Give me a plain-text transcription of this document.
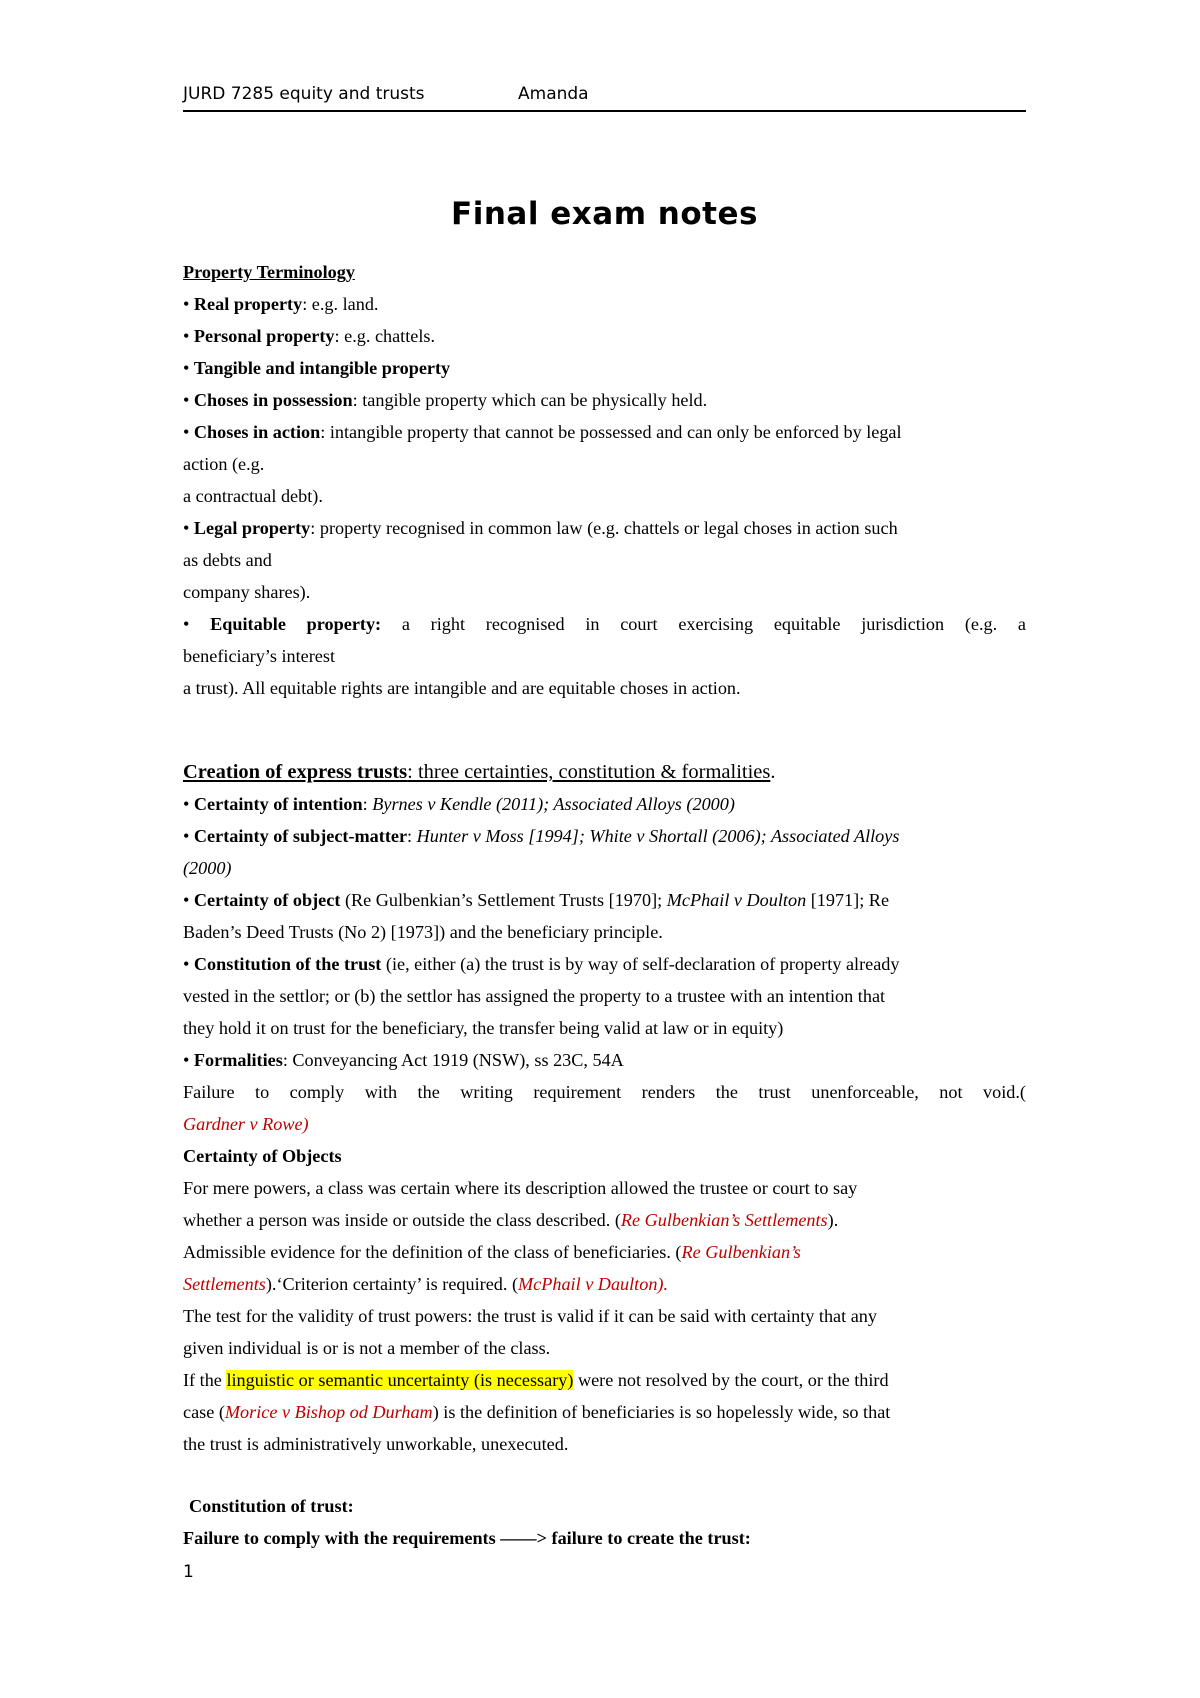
JURD 7285 equity and trusts	Amanda
Final exam notes
Property Terminology
• Real property: e.g. land.
• Personal property: e.g. chattels.
• Tangible and intangible property
• Choses in possession: tangible property which can be physically held.
• Choses in action: intangible property that cannot be possessed and can only be enforced by legal
action (e.g.
a contractual debt).
• Legal property: property recognised in common law (e.g. chattels or legal choses in action such
as debts and
company shares).
• Equitable property: a right recognised in court exercising equitable jurisdiction (e.g. a
beneficiary’s interest
a trust). All equitable rights are intangible and are equitable choses in action.
Creation of express trusts: three certainties, constitution & formalities.
• Certainty of intention: Byrnes v Kendle (2011); Associated Alloys (2000)
• Certainty of subject-matter: Hunter v Moss [1994]; White v Shortall (2006); Associated Alloys
(2000)
• Certainty of object (Re Gulbenkian’s Settlement Trusts [1970]; McPhail v Doulton [1971]; Re
Baden’s Deed Trusts (No 2) [1973]) and the beneficiary principle.
• Constitution of the trust (ie, either (a) the trust is by way of self-declaration of property already
vested in the settlor; or (b) the settlor has assigned the property to a trustee with an intention that
they hold it on trust for the beneficiary, the transfer being valid at law or in equity)
• Formalities: Conveyancing Act 1919 (NSW), ss 23C, 54A
Failure to comply with the writing requirement renders the trust unenforceable, not void.(
Gardner v Rowe)
Certainty of Objects
For mere powers, a class was certain where its description allowed the trustee or court to say
whether a person was inside or outside the class described. (Re Gulbenkian’s Settlements).
Admissible evidence for the definition of the class of beneficiaries. (Re Gulbenkian’s
Settlements).‘Criterion certainty’ is required. (McPhail v Daulton).
The test for the validity of trust powers: the trust is valid if it can be said with certainty that any
given individual is or is not a member of the class.
If the linguistic or semantic uncertainty (is necessary) were not resolved by the court, or the third
case (Morice v Bishop od Durham) is the definition of beneficiaries is so hopelessly wide, so that
the trust is administratively unworkable, unexecuted.
Constitution of trust:
Failure to comply with the requirements ——> failure to create the trust:
1
